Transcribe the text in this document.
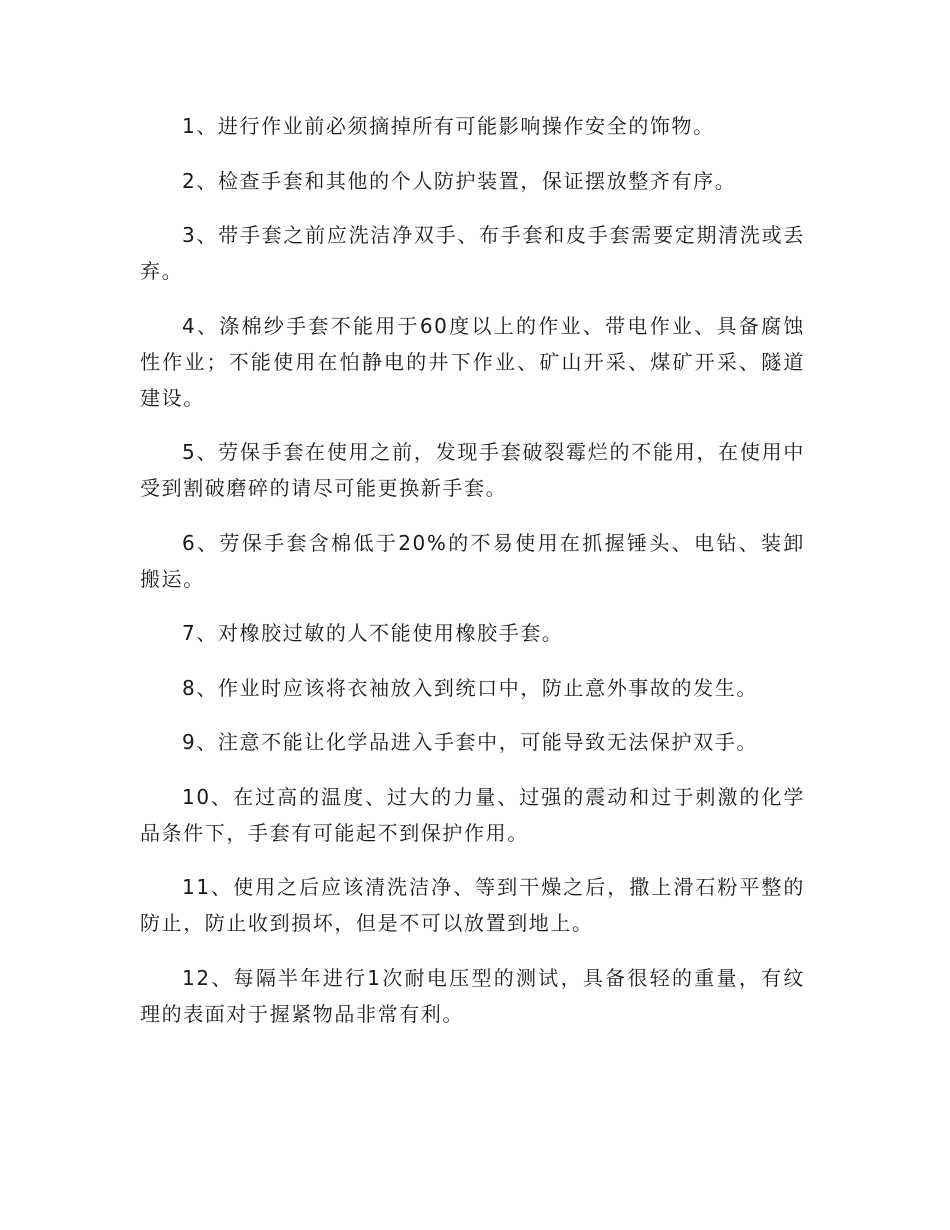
1、进行作业前必须摘掉所有可能影响操作安全的饰物。

2、检查手套和其他的个人防护装置，保证摆放整齐有序。

3、带手套之前应洗洁净双手、布手套和皮手套需要定期清洗或丢弃。

4、涤棉纱手套不能用于60度以上的作业、带电作业、具备腐蚀性作业；不能使用在怕静电的井下作业、矿山开采、煤矿开采、隧道建设。

5、劳保手套在使用之前，发现手套破裂霉烂的不能用，在使用中受到割破磨碎的请尽可能更换新手套。

6、劳保手套含棉低于20%的不易使用在抓握锤头、电钻、装卸搬运。

7、对橡胶过敏的人不能使用橡胶手套。

8、作业时应该将衣袖放入到统口中，防止意外事故的发生。

9、注意不能让化学品进入手套中，可能导致无法保护双手。

10、在过高的温度、过大的力量、过强的震动和过于刺激的化学品条件下，手套有可能起不到保护作用。

11、使用之后应该清洗洁净、等到干燥之后，撒上滑石粉平整的防止，防止收到损坏，但是不可以放置到地上。

12、每隔半年进行1次耐电压型的测试，具备很轻的重量，有纹理的表面对于握紧物品非常有利。
